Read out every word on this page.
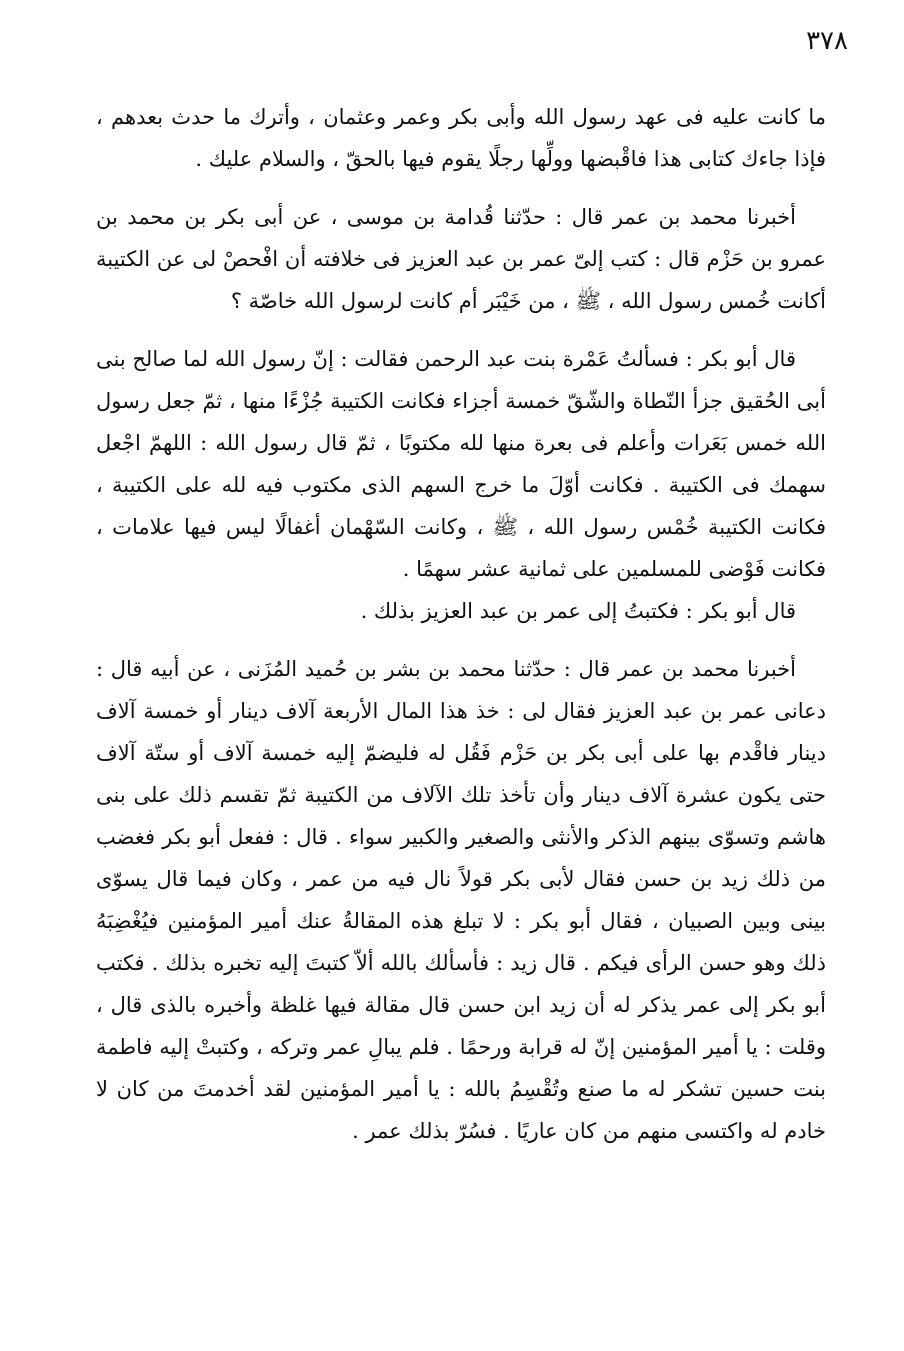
٣٧٨

ما كانت عليه فى عهد رسول الله وأبى بكر وعمر وعثمان ، وأترك ما حدث بعدهم ، فإذا جاءك كتابى هذا فاقْبضها وولِّها رجلًا يقوم فيها بالحقّ ، والسلام عليك .

أخبرنا محمد بن عمر قال : حدّثنا قُدامة بن موسى ، عن أبى بكر بن محمد بن عمرو بن حَزْم قال : كتب إلىّ عمر بن عبد العزيز فى خلافته أن افْحصْ لى عن الكتيبة أكانت خُمس رسول الله ، ﷺ ، من خَيْبَر أم كانت لرسول الله خاصّة ؟

قال أبو بكر : فسألتُ عَمْرة بنت عبد الرحمن فقالت : إنّ رسول الله لما صالح بنى أبى الحُقيق جزأ النّطاة والشّقّ خمسة أجزاء فكانت الكتيبة جُزْءًا منها ، ثمّ جعل رسول الله خمس بَعَرات وأعلم فى بعرة منها لله مكتوبًا ، ثمّ قال رسول الله : اللهمّ اجْعل سهمك فى الكتيبة . فكانت أوّلَ ما خرج السهم الذى مكتوب فيه لله على الكتيبة ، فكانت الكتيبة خُمْس رسول الله ، ﷺ ، وكانت السّهْمان أغفالًا ليس فيها علامات ، فكانت فَوْضى للمسلمين على ثمانية عشر سهمًا .

قال أبو بكر : فكتبتُ إلى عمر بن عبد العزيز بذلك .

أخبرنا محمد بن عمر قال : حدّثنا محمد بن بشر بن حُميد المُزَنى ، عن أبيه قال : دعانى عمر بن عبد العزيز فقال لى : خذ هذا المال الأربعة آلاف دينار أو خمسة آلاف دينار فاقْدم بها على أبى بكر بن حَزْم فَقُل له فليضمّ إليه خمسة آلاف أو ستّة آلاف حتى يكون عشرة آلاف دينار وأن تأخذ تلك الآلاف من الكتيبة ثمّ تقسم ذلك على بنى هاشم وتسوّى بينهم الذكر والأنثى والصغير والكبير سواء . قال : ففعل أبو بكر فغضب من ذلك زيد بن حسن فقال لأبى بكر قولاً نال فيه من عمر ، وكان فيما قال يسوّى بينى وبين الصبيان ، فقال أبو بكر : لا تبلغ هذه المقالةُ عنك أمير المؤمنين فيُغْضِبَهُ ذلك وهو حسن الرأى فيكم . قال زيد : فأسألك بالله ألاّ كتبتَ إليه تخبره بذلك . فكتب أبو بكر إلى عمر يذكر له أن زيد ابن حسن قال مقالة فيها غلظة وأخبره بالذى قال ، وقلت : يا أمير المؤمنين إنّ له قرابة ورحمًا . فلم يبالِ عمر وتركه ، وكتبتْ إليه فاطمة بنت حسين تشكر له ما صنع وتُقْسِمُ بالله : يا أمير المؤمنين لقد أخدمتَ من كان لا خادم له واكتسى منهم من كان عاريًا . فسُرّ بذلك عمر .
